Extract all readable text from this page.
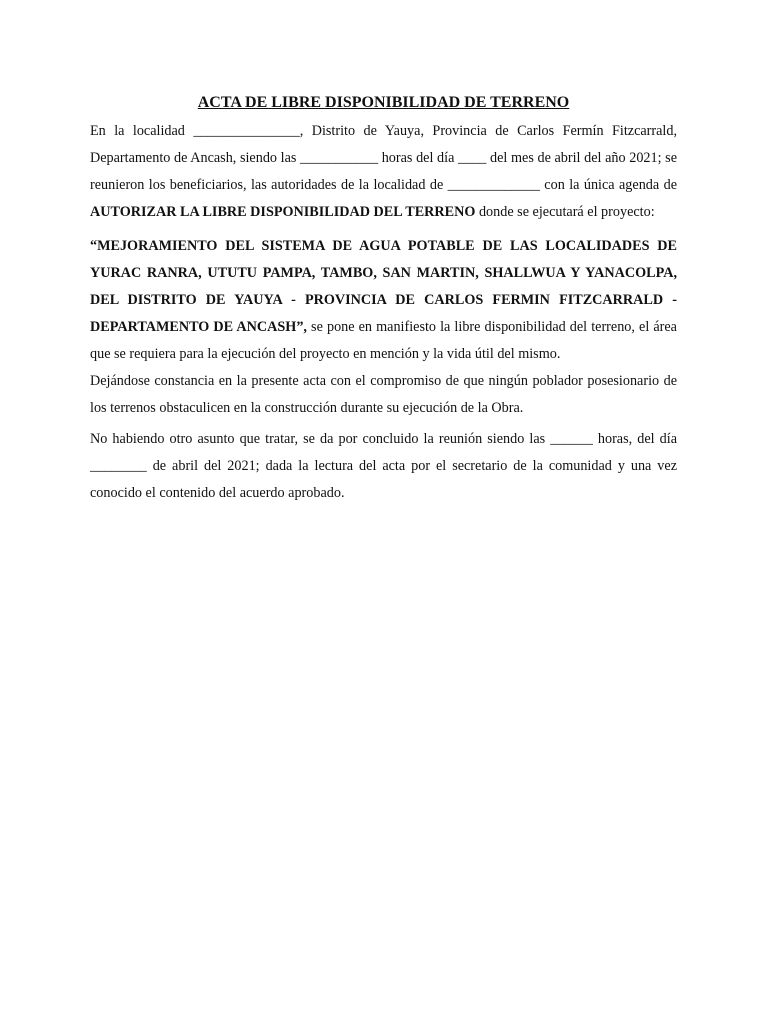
ACTA DE LIBRE DISPONIBILIDAD DE TERRENO

En la localidad _______________, Distrito de Yauya, Provincia de Carlos Fermín Fitzcarrald, Departamento de Ancash, siendo las ___________ horas del día ____ del mes de abril del año 2021; se reunieron los beneficiarios, las autoridades de la localidad de _____________ con la única agenda de AUTORIZAR LA LIBRE DISPONIBILIDAD DEL TERRENO donde se ejecutará el proyecto:

“MEJORAMIENTO DEL SISTEMA DE AGUA POTABLE DE LAS LOCALIDADES DE YURAC RANRA, UTUTU PAMPA, TAMBO, SAN MARTIN, SHALLWUA Y YANACOLPA, DEL DISTRITO DE YAUYA - PROVINCIA DE CARLOS FERMIN FITZCARRALD - DEPARTAMENTO DE ANCASH”, se pone en manifiesto la libre disponibilidad del terreno, el área que se requiera para la ejecución del proyecto en mención y la vida útil del mismo.

Dejándose constancia en la presente acta con el compromiso de que ningún poblador posesionario de los terrenos obstaculicen en la construcción durante su ejecución de la Obra.

No habiendo otro asunto que tratar, se da por concluido la reunión siendo las ______ horas, del día ________ de abril del 2021; dada la lectura del acta por el secretario de la comunidad y una vez conocido el contenido del acuerdo aprobado.
